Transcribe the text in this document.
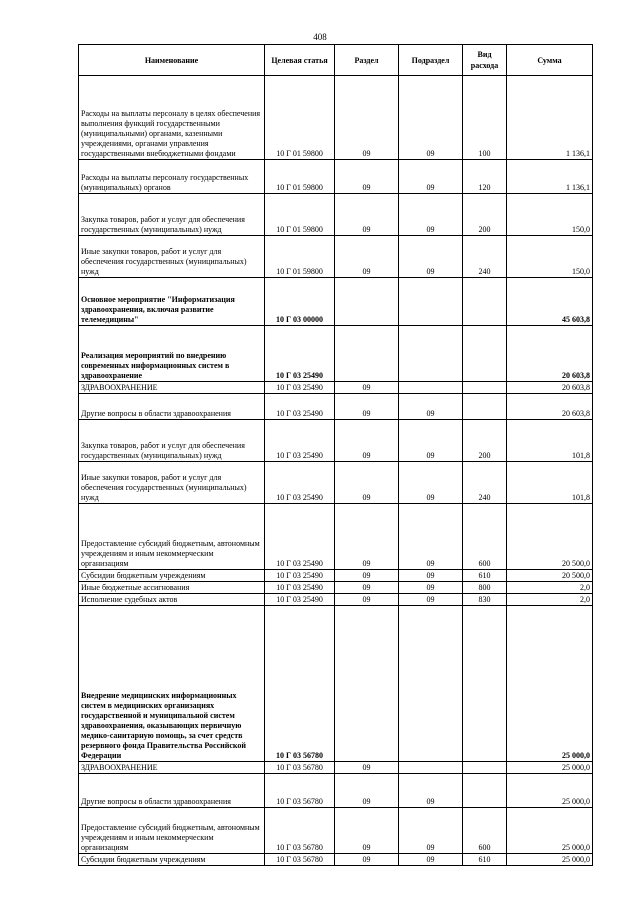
408
Наименование	Целевая статья	Раздел	Подраздел	Вид расхода	Сумма
Расходы на выплаты персоналу в целях обеспечения выполнения функций государственными (муниципальными) органами, казенными учреждениями, органами управления государственными внебюджетными фондами	10 Г 01 59800	09	09	100	1 136,1
Расходы на выплаты персоналу государственных (муниципальных) органов	10 Г 01 59800	09	09	120	1 136,1
Закупка товаров, работ и услуг для обеспечения государственных (муниципальных) нужд	10 Г 01 59800	09	09	200	150,0
Иные закупки товаров, работ и услуг для обеспечения государственных (муниципальных) нужд	10 Г 01 59800	09	09	240	150,0
Основное мероприятие "Информатизация здравоохранения, включая развитие телемедицины"	10 Г 03 00000				45 603,8
Реализация мероприятий по внедрению современных информационных систем в здравоохранение	10 Г 03 25490				20 603,8
ЗДРАВООХРАНЕНИЕ	10 Г 03 25490	09			20 603,8
Другие вопросы в области здравоохранения	10 Г 03 25490	09	09		20 603,8
Закупка товаров, работ и услуг для обеспечения государственных (муниципальных) нужд	10 Г 03 25490	09	09	200	101,8
Иные закупки товаров, работ и услуг для обеспечения государственных (муниципальных) нужд	10 Г 03 25490	09	09	240	101,8
Предоставление субсидий бюджетным, автономным учреждениям и иным некоммерческим организациям	10 Г 03 25490	09	09	600	20 500,0
Субсидии бюджетным учреждениям	10 Г 03 25490	09	09	610	20 500,0
Иные бюджетные ассигнования	10 Г 03 25490	09	09	800	2,0
Исполнение судебных актов	10 Г 03 25490	09	09	830	2,0
Внедрение медицинских информационных систем в медицинских организациях государственной и муниципальной систем здравоохранения, оказывающих первичную медико-санитарную помощь, за счет средств резервного фонда Правительства Российской Федерации	10 Г 03 56780				25 000,0
ЗДРАВООХРАНЕНИЕ	10 Г 03 56780	09			25 000,0
Другие вопросы в области здравоохранения	10 Г 03 56780	09	09		25 000,0
Предоставление субсидий бюджетным, автономным учреждениям и иным некоммерческим организациям	10 Г 03 56780	09	09	600	25 000,0
Субсидии бюджетным учреждениям	10 Г 03 56780	09	09	610	25 000,0
